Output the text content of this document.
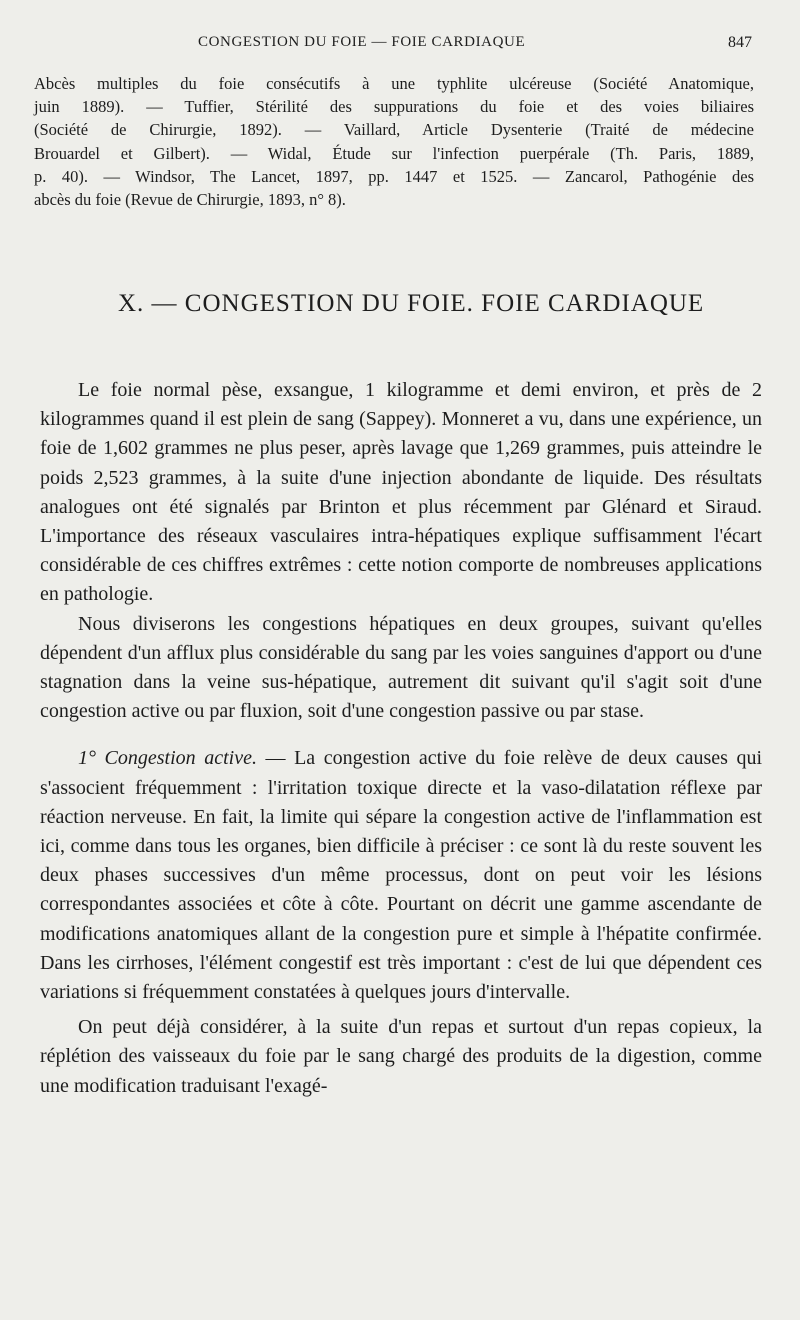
CONGESTION DU FOIE — FOIE CARDIAQUE	847

Abcès multiples du foie consécutifs à une typhlite ulcéreuse (Société Anatomique,

juin 1889). — Tuffier, Stérilité des suppurations du foie et des voies biliaires

(Société de Chirurgie, 1892). — Vaillard, Article Dysenterie (Traité de médecine

Brouardel et Gilbert). — Widal, Étude sur l'infection puerpérale (Th. Paris, 1889,

p. 40). — Windsor, The Lancet, 1897, pp. 1447 et 1525. — Zancarol, Pathogénie des

abcès du foie (Revue de Chirurgie, 1893, n° 8).

X. — CONGESTION DU FOIE. FOIE CARDIAQUE

Le foie normal pèse, exsangue, 1 kilogramme et demi environ, et près de 2 kilogrammes quand il est plein de sang (Sappey). Monneret a vu, dans une expérience, un foie de 1,602 grammes ne plus peser, après lavage que 1,269 grammes, puis atteindre le poids 2,523 grammes, à la suite d'une injection abondante de liquide. Des résultats analogues ont été signalés par Brinton et plus récemment par Glénard et Siraud. L'importance des réseaux vasculaires intra-hépatiques explique suffisamment l'écart considérable de ces chiffres extrêmes : cette notion comporte de nombreuses applications en pathologie.

Nous diviserons les congestions hépatiques en deux groupes, suivant qu'elles dépendent d'un afflux plus considérable du sang par les voies sanguines d'apport ou d'une stagnation dans la veine sus-hépatique, autrement dit suivant qu'il s'agit soit d'une congestion active ou par fluxion, soit d'une congestion passive ou par stase.

1° Congestion active. — La congestion active du foie relève de deux causes qui s'associent fréquemment : l'irritation toxique directe et la vaso-dilatation réflexe par réaction nerveuse. En fait, la limite qui sépare la congestion active de l'inflammation est ici, comme dans tous les organes, bien difficile à préciser : ce sont là du reste souvent les deux phases successives d'un même processus, dont on peut voir les lésions correspondantes associées et côte à côte. Pourtant on décrit une gamme ascendante de modifications anatomiques allant de la congestion pure et simple à l'hépatite confirmée. Dans les cirrhoses, l'élément congestif est très important : c'est de lui que dépendent ces variations si fréquemment constatées à quelques jours d'intervalle.

On peut déjà considérer, à la suite d'un repas et surtout d'un repas copieux, la réplétion des vaisseaux du foie par le sang chargé des produits de la digestion, comme une modification traduisant l'exagé-
